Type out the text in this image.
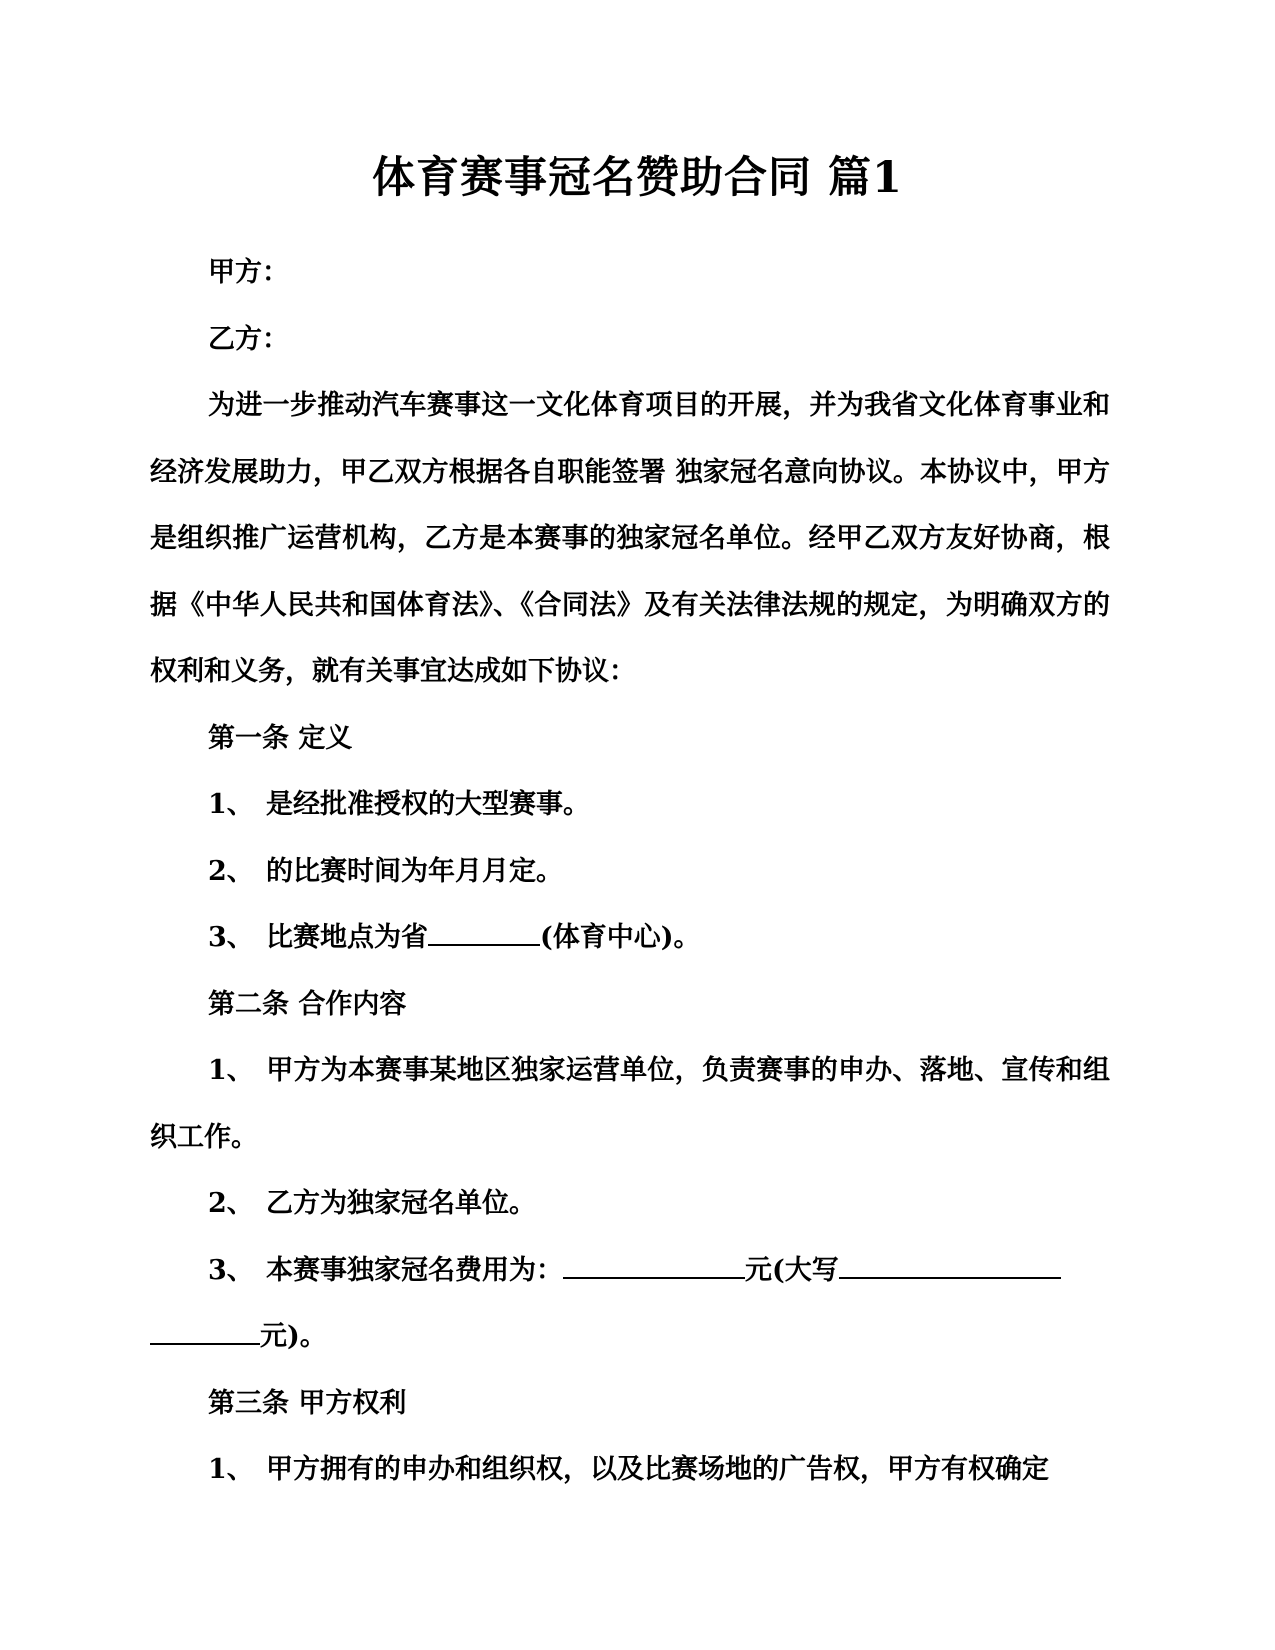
体育赛事冠名赞助合同 篇1

甲方：

乙方：

为进一步推动汽车赛事这一文化体育项目的开展，并为我省文化体育事业和经济发展助力，甲乙双方根据各自职能签署 独家冠名意向协议。本协议中，甲方是组织推广运营机构，乙方是本赛事的独家冠名单位。经甲乙双方友好协商，根据《中华人民共和国体育法》、《合同法》及有关法律法规的规定，为明确双方的权利和义务，就有关事宜达成如下协议：

第一条 定义

1、 是经批准授权的大型赛事。

2、 的比赛时间为年月月定。

3、 比赛地点为省	(体育中心)。

第二条 合作内容

1、 甲方为本赛事某地区独家运营单位，负责赛事的申办、落地、宣传和组织工作。

2、 乙方为独家冠名单位。

3、 本赛事独家冠名费用为：	元(大写
元)。

第三条 甲方权利

1、 甲方拥有的申办和组织权，以及比赛场地的广告权，甲方有权确定
